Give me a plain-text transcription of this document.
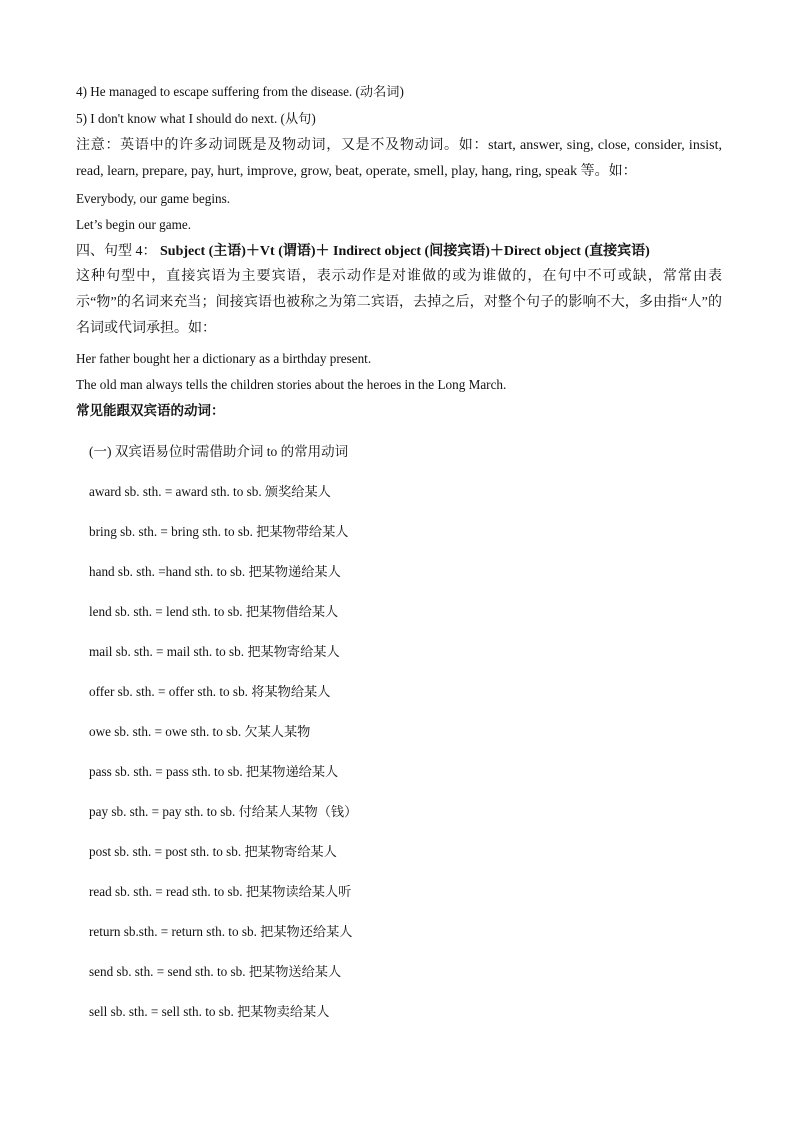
4) He managed to escape suffering from the disease. (动名词)
5) I don't know what I should do next. (从句)
注意：英语中的许多动词既是及物动词，又是不及物动词。如：start, answer, sing, close, consider, insist, read, learn, prepare, pay, hurt, improve, grow, beat, operate, smell, play, hang, ring, speak 等。如：
Everybody, our game begins.
Let’s begin our game.
四、句型 4： Subject (主语)＋Vt (谓语)＋ Indirect object (间接宾语)＋Direct object (直接宾语)
这种句型中，直接宾语为主要宾语，表示动作是对谁做的或为谁做的，在句中不可或缺，常常由表示“物”的名词来充当；间接宾语也被称之为第二宾语，去掉之后，对整个句子的影响不大，多由指“人”的名词或代词承担。如：
Her father bought her a dictionary as a birthday present.
The old man always tells the children stories about the heroes in the Long March.
常见能跟双宾语的动词：
(一) 双宾语易位时需借助介词 to 的常用动词
award sb. sth. = award sth. to sb. 颁奖给某人
bring sb. sth. = bring sth. to sb. 把某物带给某人
hand sb. sth. =hand sth. to sb. 把某物递给某人
lend sb. sth. = lend sth. to sb. 把某物借给某人
mail sb. sth. = mail sth. to sb. 把某物寄给某人
offer sb. sth. = offer sth. to sb. 将某物给某人
owe sb. sth. = owe sth. to sb. 欠某人某物
pass sb. sth. = pass sth. to sb. 把某物递给某人
pay sb. sth. = pay sth. to sb. 付给某人某物（钱）
post sb. sth. = post sth. to sb. 把某物寄给某人
read sb. sth. = read sth. to sb. 把某物读给某人听
return sb.sth. = return sth. to sb. 把某物还给某人
send sb. sth. = send sth. to sb. 把某物送给某人
sell sb. sth. = sell sth. to sb. 把某物卖给某人
